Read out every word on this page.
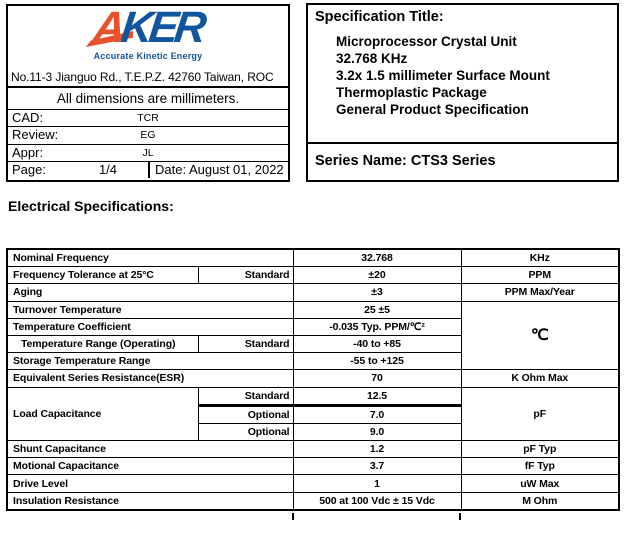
AKER
Accurate Kinetic Energy
No.11-3 Jianguo Rd., T.E.P.Z. 42760 Taiwan, ROC
All dimensions are millimeters.
CAD:	TCR
Review:	EG
Appr:	JL
Page:	1/4	Date: August 01, 2022
Specification Title:
Microprocessor Crystal Unit
32.768 KHz
3.2x 1.5 millimeter Surface Mount
Thermoplastic Package
General Product Specification
Series Name: CTS3 Series
Electrical Specifications:
Nominal Frequency		32.768	KHz
Frequency Tolerance at 25°C	Standard	±20	PPM
Aging		±3	PPM Max/Year
Turnover Temperature		25 ±5	℃
Temperature Coefficient		-0.035 Typ. PPM/℃²	
Temperature Range (Operating)	Standard	-40 to +85	
Storage Temperature Range		-55 to +125	
Equivalent Series Resistance(ESR)		70	K Ohm Max
Load Capacitance	Standard	12.5	pF
	Optional	7.0	
	Optional	9.0	
Shunt Capacitance		1.2	pF Typ
Motional Capacitance		3.7	fF Typ
Drive Level		1	uW Max
Insulation Resistance		500 at 100 Vdc ± 15 Vdc	M Ohm
